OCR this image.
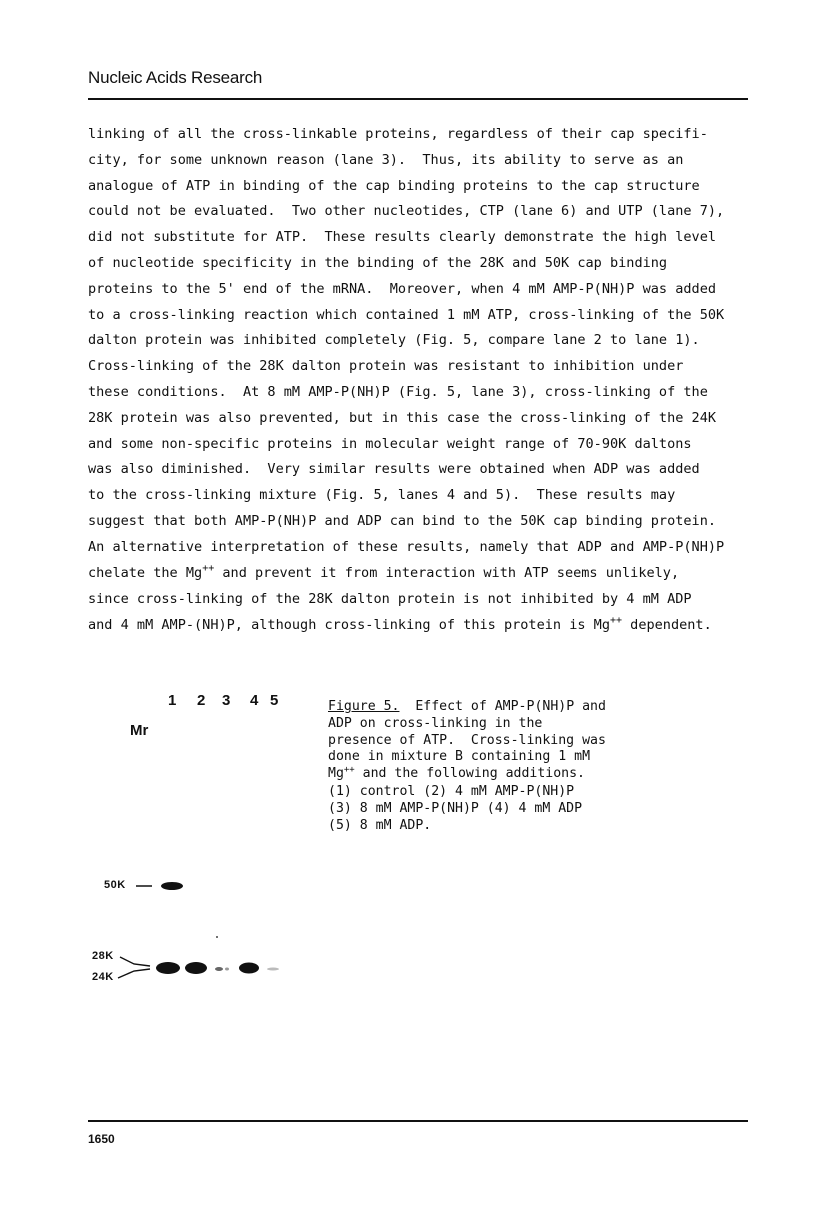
Nucleic Acids Research
linking of all the cross-linkable proteins, regardless of their cap specifi-
city, for some unknown reason (lane 3).  Thus, its ability to serve as an
analogue of ATP in binding of the cap binding proteins to the cap structure
could not be evaluated.  Two other nucleotides, CTP (lane 6) and UTP (lane 7),
did not substitute for ATP.  These results clearly demonstrate the high level
of nucleotide specificity in the binding of the 28K and 50K cap binding
proteins to the 5' end of the mRNA.  Moreover, when 4 mM AMP-P(NH)P was added
to a cross-linking reaction which contained 1 mM ATP, cross-linking of the 50K
dalton protein was inhibited completely (Fig. 5, compare lane 2 to lane 1).
Cross-linking of the 28K dalton protein was resistant to inhibition under
these conditions.  At 8 mM AMP-P(NH)P (Fig. 5, lane 3), cross-linking of the
28K protein was also prevented, but in this case the cross-linking of the 24K
and some non-specific proteins in molecular weight range of 70-90K daltons
was also diminished.  Very similar results were obtained when ADP was added
to the cross-linking mixture (Fig. 5, lanes 4 and 5).  These results may
suggest that both AMP-P(NH)P and ADP can bind to the 50K cap binding protein.
An alternative interpretation of these results, namely that ADP and AMP-P(NH)P
chelate the Mg++ and prevent it from interaction with ATP seems unlikely,
since cross-linking of the 28K dalton protein is not inhibited by 4 mM ADP
and 4 mM AMP-(NH)P, although cross-linking of this protein is Mg++ dependent.
1 2 3 4 5
Mr
Figure 5.  Effect of AMP-P(NH)P and
ADP on cross-linking in the
presence of ATP.  Cross-linking was
done in mixture B containing 1 mM
Mg++ and the following additions.
(1) control (2) 4 mM AMP-P(NH)P
(3) 8 mM AMP-P(NH)P (4) 4 mM ADP
(5) 8 mM ADP.
50K
28K
24K
1650
